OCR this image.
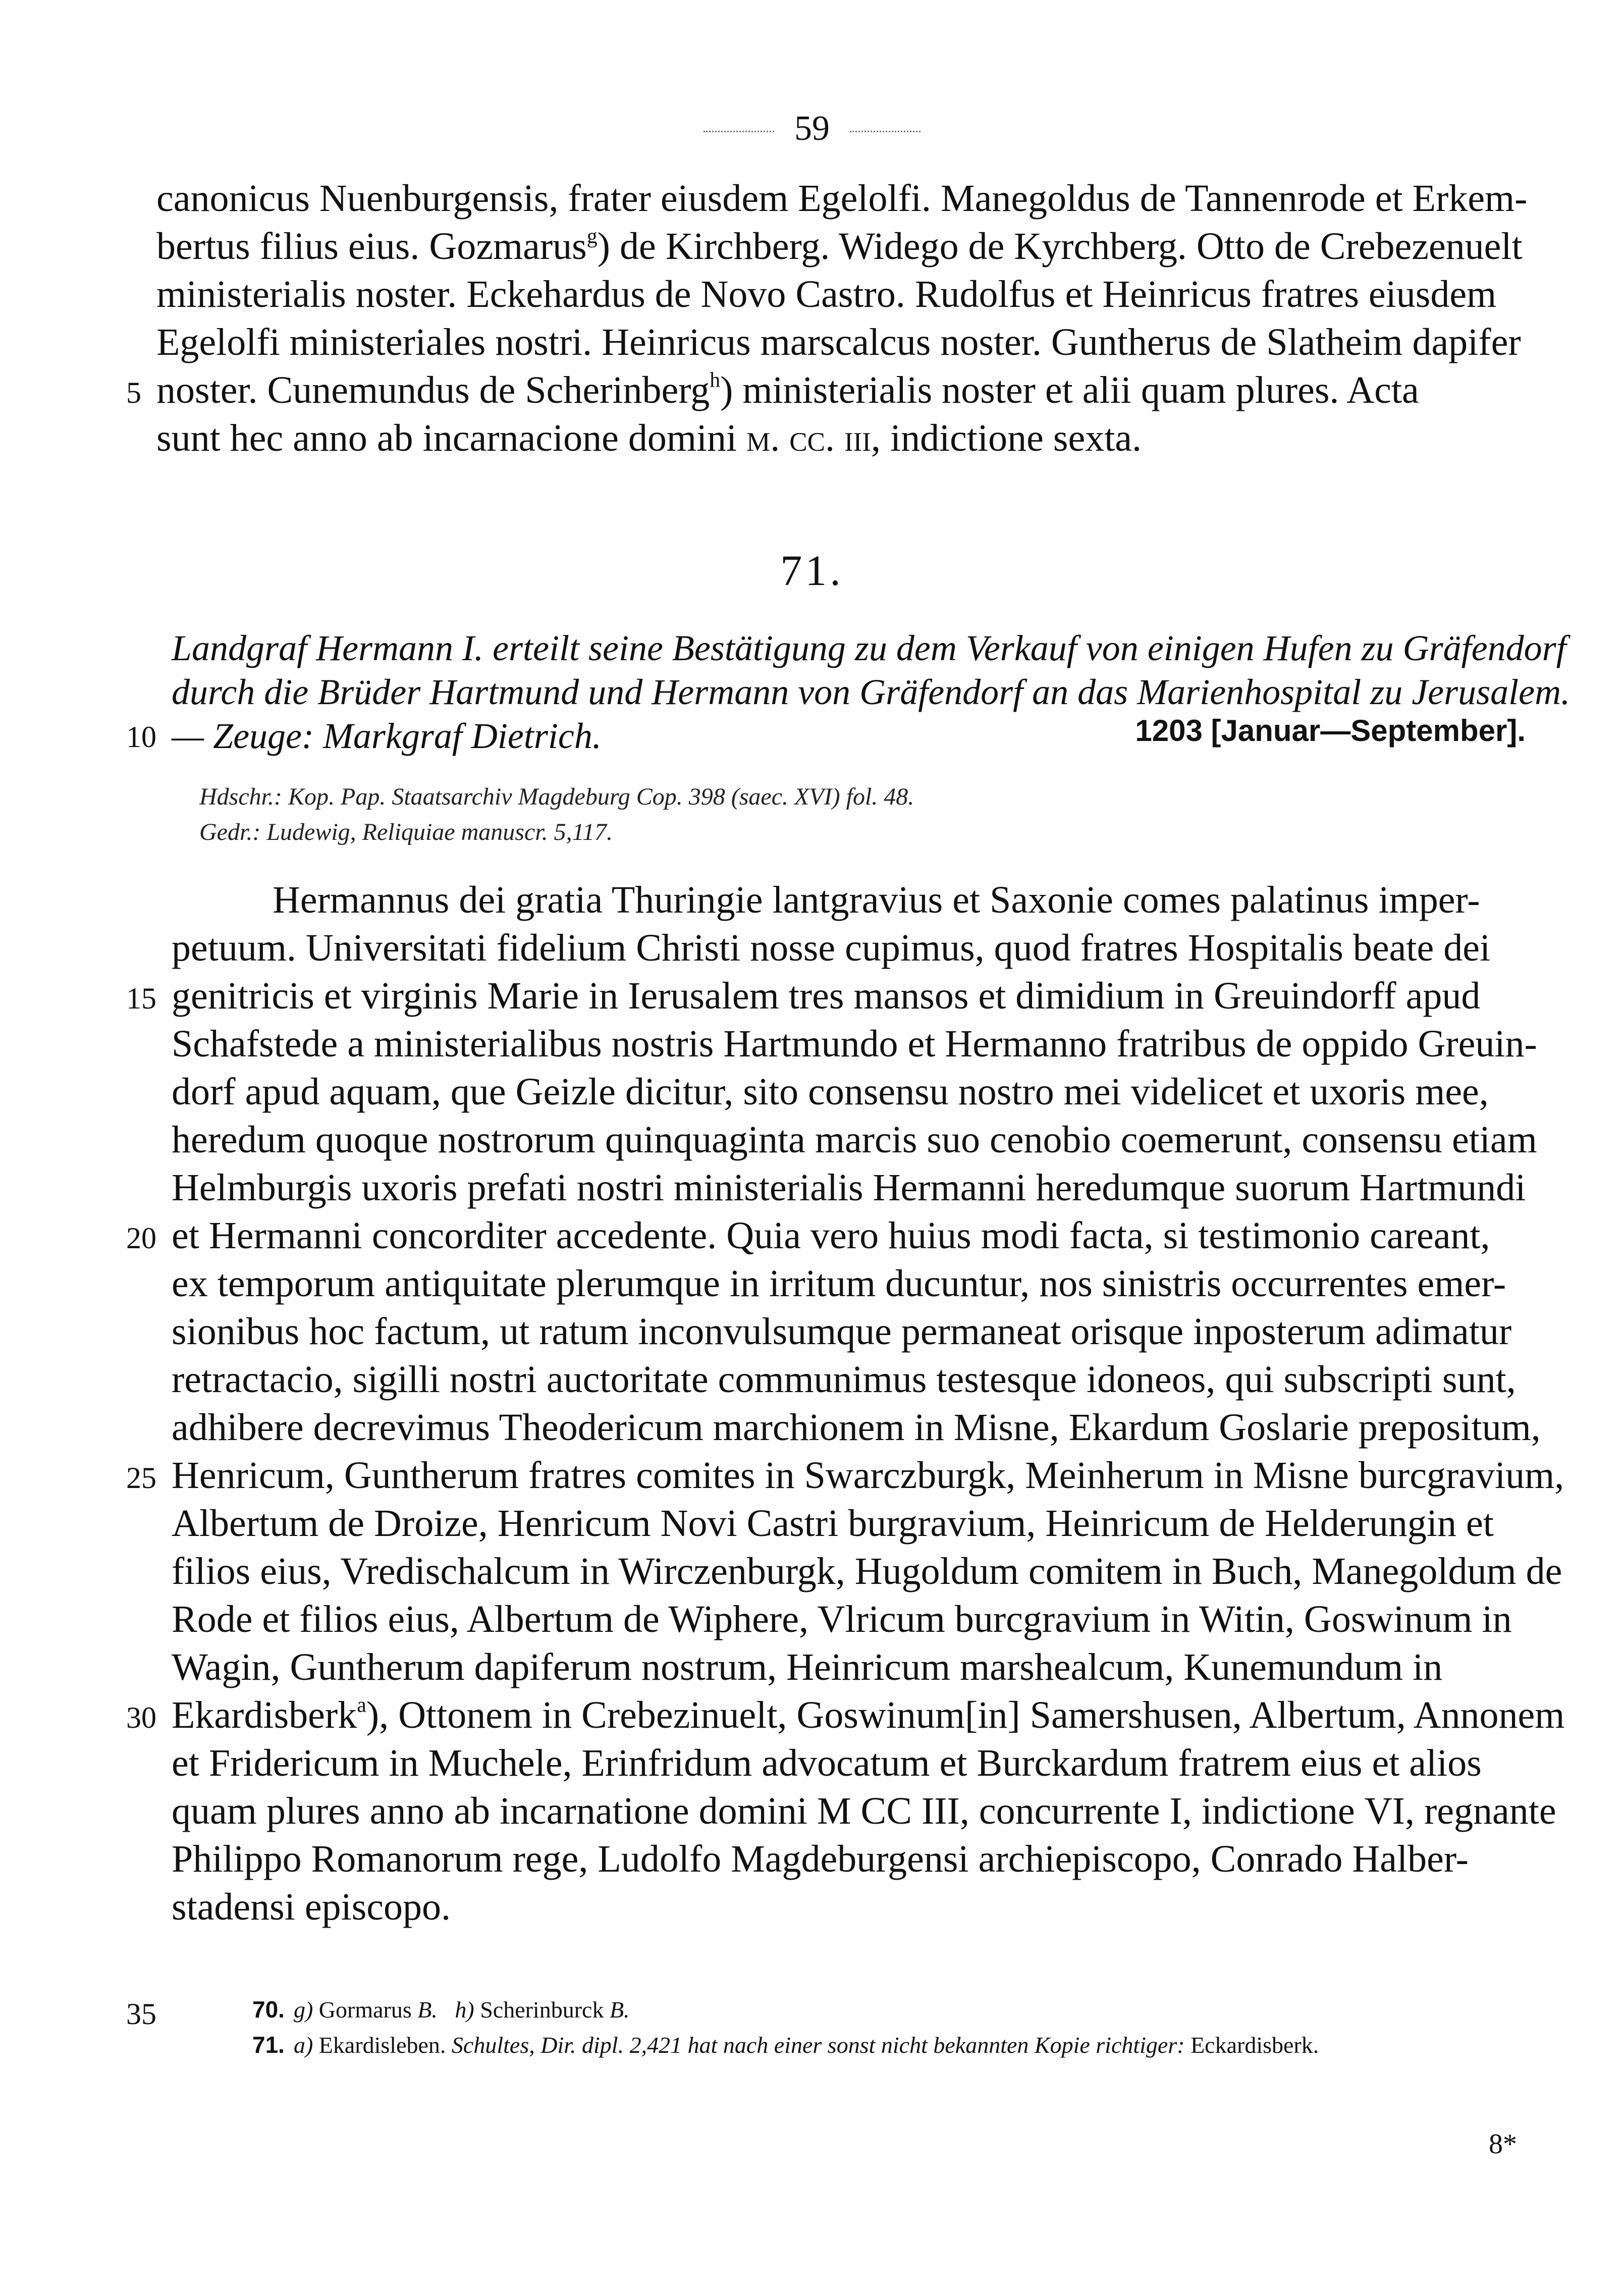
59
canonicus Nuenburgensis, frater eiusdem Egelolfi. Manegoldus de Tannenrode et Erkem-
bertus filius eius. Gozmarus$^g$) de Kirchberg. Widego de Kyrchberg. Otto de Crebezenuelt
ministerialis noster. Eckehardus de Novo Castro. Rudolfus et Heinricus fratres eiusdem
Egelolfi ministeriales nostri. Heinricus marscalcus noster. Guntherus de Slatheim dapifer
noster. Cunemundus de Scherinberg$^h$) ministerialis noster et alii quam plures. Acta
sunt hec anno ab incarnacione domini m. cc. iii, indictione sexta.
5
71.
Landgraf Hermann I. erteilt seine Bestätigung zu dem Verkauf von einigen Hufen zu Gräfendorf
durch die Brüder Hartmund und Hermann von Gräfendorf an das Marienhospital zu Jerusalem.
— Zeuge: Markgraf Dietrich.	1203 [Januar—September].
10
Hdschr.: Kop. Pap. Staatsarchiv Magdeburg Cop. 398 (saec. XVI) fol. 48.
Gedr.: Ludewig, Reliquiae manuscr. 5,117.
Hermannus dei gratia Thuringie lantgravius et Saxonie comes palatinus imper-
petuum. Universitati fidelium Christi nosse cupimus, quod fratres Hospitalis beate dei
genitricis et virginis Marie in Ierusalem tres mansos et dimidium in Greuindorff apud
15
Schafstede a ministerialibus nostris Hartmundo et Hermanno fratribus de oppido Greuin-
dorf apud aquam, que Geizle dicitur, sito consensu nostro mei videlicet et uxoris mee,
heredum quoque nostrorum quinquaginta marcis suo cenobio coemerunt, consensu etiam
Helmburgis uxoris prefati nostri ministerialis Hermanni heredumque suorum Hartmundi
et Hermanni concorditer accedente. Quia vero huius modi facta, si testimonio careant,
20
ex temporum antiquitate plerumque in irritum ducuntur, nos sinistris occurrentes emer-
sionibus hoc factum, ut ratum inconvulsumque permaneat orisque inposterum adimatur
retractacio, sigilli nostri auctoritate communimus testesque idoneos, qui subscripti sunt,
adhibere decrevimus Theodericum marchionem in Misne, Ekardum Goslarie prepositum,
Henricum, Guntherum fratres comites in Swarczburgk, Meinherum in Misne burcgravium,
25
Albertum de Droize, Henricum Novi Castri burgravium, Heinricum de Helderungin et
filios eius, Vredischalcum in Wirczenburgk, Hugoldum comitem in Buch, Manegoldum de
Rode et filios eius, Albertum de Wiphere, Vlricum burcgravium in Witin, Goswinum in
Wagin, Guntherum dapiferum nostrum, Heinricum marshealcum, Kunemundum in
Ekardisberk$^a$), Ottonem in Crebezinuelt, Goswinum[in] Samershusen, Albertum, Annonem
30
et Fridericum in Muchele, Erinfridum advocatum et Burckardum fratrem eius et alios
quam plures anno ab incarnatione domini M CC III, concurrente I, indictione VI, regnante
Philippo Romanorum rege, Ludolfo Magdeburgensi archiepiscopo, Conrado Halber-
stadensi episcopo.
35	70. g) Gormarus B. h) Scherinburck B.
71. a) Ekardisleben. Schultes, Dir. dipl. 2,421 hat nach einer sonst nicht bekannten Kopie richtiger: Eckardisberk.
8*
